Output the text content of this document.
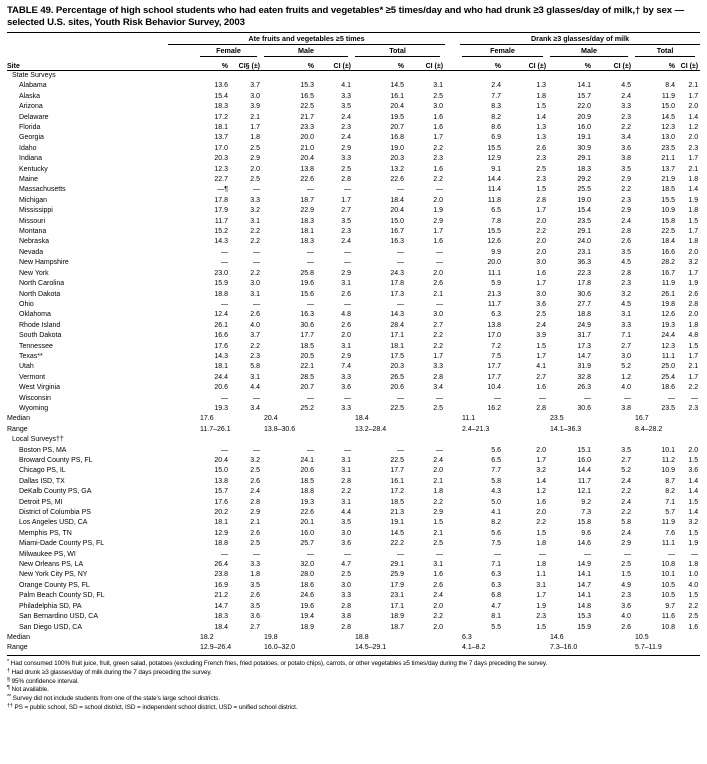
TABLE 49. Percentage of high school students who had eaten fruits and vegetables* ≥5 times/day and who had drunk ≥3 glasses/day of milk,† by sex — selected U.S. sites, Youth Risk Behavior Survey, 2003

	Ate fruits and vegetables ≥5 times							Drank ≥3 glasses/day of milk					

	Female		Male		Total			Female		Male		Total	

Site	%	CI§ (±)	%	CI (±)	%	CI (±)		%	CI (±)	%	CI (±)	%	CI (±)
State Surveys													
Alabama	13.6	3.7	15.3	4.1	14.5	3.1		2.4	1.3	14.1	4.5	8.4	2.1
Alaska	15.4	3.0	16.5	3.3	16.1	2.5		7.7	1.8	15.7	2.4	11.9	1.7
Arizona	18.3	3.9	22.5	3.5	20.4	3.0		8.3	1.5	22.0	3.3	15.0	2.0
Delaware	17.2	2.1	21.7	2.4	19.5	1.6		8.2	1.4	20.9	2.3	14.5	1.4
Florida	18.1	1.7	23.3	2.3	20.7	1.6		8.6	1.3	16.0	2.2	12.3	1.2
Georgia	13.7	1.8	20.0	2.4	16.8	1.7		6.9	1.3	19.1	3.4	13.0	2.0
Idaho	17.0	2.5	21.0	2.9	19.0	2.2		15.5	2.6	30.9	3.6	23.5	2.3
Indiana	20.3	2.9	20.4	3.3	20.3	2.3		12.9	2.3	29.1	3.8	21.1	1.7
Kentucky	12.3	2.0	13.8	2.5	13.2	1.6		9.1	2.5	18.3	3.5	13.7	2.1
Maine	22.7	2.5	22.6	2.8	22.6	2.2		14.4	2.3	29.2	2.9	21.9	1.8
Massachusetts	—¶	—	—	—	—	—		11.4	1.5	25.5	2.2	18.5	1.4
Michigan	17.8	3.3	18.7	1.7	18.4	2.0		11.8	2.8	19.0	2.3	15.5	1.9
Mississippi	17.9	3.2	22.9	2.7	20.4	1.9		6.5	1.7	15.4	2.9	10.9	1.8
Missouri	11.7	3.1	18.3	3.5	15.0	2.9		7.8	2.0	23.5	2.4	15.8	1.5
Montana	15.2	2.2	18.1	2.3	16.7	1.7		15.5	2.2	29.1	2.8	22.5	1.7
Nebraska	14.3	2.2	18.3	2.4	16.3	1.6		12.6	2.0	24.0	2.6	18.4	1.8
Nevada	—	—	—	—	—	—		9.9	2.0	23.1	3.5	16.6	2.0
New Hampshire	—	—	—	—	—	—		20.0	3.0	36.3	4.5	28.2	3.2
New York	23.0	2.2	25.8	2.9	24.3	2.0		11.1	1.6	22.3	2.8	16.7	1.7
North Carolina	15.9	3.0	19.6	3.1	17.8	2.6		5.9	1.7	17.8	2.3	11.9	1.9
North Dakota	18.8	3.1	15.6	2.6	17.3	2.1		21.3	3.0	30.6	3.2	26.1	2.6
Ohio	—	—	—	—	—	—		11.7	3.6	27.7	4.5	19.8	2.8
Oklahoma	12.4	2.6	16.3	4.8	14.3	3.0		6.3	2.5	18.8	3.1	12.6	2.0
Rhode Island	26.1	4.0	30.6	2.6	28.4	2.7		13.8	2.4	24.9	3.3	19.3	1.8
South Dakota	16.6	3.7	17.7	2.0	17.1	2.2		17.0	3.9	31.7	7.1	24.4	4.8
Tennessee	17.6	2.2	18.5	3.1	18.1	2.2		7.2	1.5	17.3	2.7	12.3	1.5
Texas**	14.3	2.3	20.5	2.9	17.5	1.7		7.5	1.7	14.7	3.0	11.1	1.7
Utah	18.1	5.8	22.1	7.4	20.3	3.3		17.7	4.1	31.9	5.2	25.0	2.1
Vermont	24.4	3.1	28.5	3.3	26.5	2.8		17.7	2.7	32.8	1.2	25.4	1.7
West Virginia	20.6	4.4	20.7	3.6	20.6	3.4		10.4	1.6	26.3	4.0	18.6	2.2
Wisconsin	—	—	—	—	—	—		—	—	—	—	—	—
Wyoming	19.3	3.4	25.2	3.3	22.5	2.5		16.2	2.8	30.6	3.8	23.5	2.3
Median	17.6		20.4		18.4			11.1		23.5		16.7	
Range	11.7–26.1		13.8–30.6		13.2–28.4			2.4–21.3		14.1–36.3		8.4–28.2	
Local Surveys††													
Boston PS, MA	—	—	—	—	—	—		5.6	2.0	15.1	3.5	10.1	2.0
Broward County PS, FL	20.4	3.2	24.1	3.1	22.5	2.4		6.5	1.7	16.0	2.7	11.2	1.5
Chicago PS, IL	15.0	2.5	20.6	3.1	17.7	2.0		7.7	3.2	14.4	5.2	10.9	3.6
Dallas ISD, TX	13.8	2.6	18.5	2.8	16.1	2.1		5.8	1.4	11.7	2.4	8.7	1.4
DeKalb County PS, GA	15.7	2.4	18.8	2.2	17.2	1.8		4.3	1.2	12.1	2.2	8.2	1.4
Detroit PS, MI	17.6	2.8	19.3	3.1	18.5	2.2		5.0	1.6	9.2	2.4	7.1	1.5
District of Columbia PS	20.2	2.9	22.6	4.4	21.3	2.9		4.1	2.0	7.3	2.2	5.7	1.4
Los Angeles USD, CA	18.1	2.1	20.1	3.5	19.1	1.5		8.2	2.2	15.8	5.8	11.9	3.2
Memphis PS, TN	12.9	2.6	16.0	3.0	14.5	2.1		5.6	1.5	9.6	2.4	7.6	1.5
Miami-Dade County PS, FL	18.8	2.5	25.7	3.6	22.2	2.5		7.5	1.8	14.6	2.9	11.1	1.9
Milwaukee PS, WI	—	—	—	—	—	—		—	—	—	—	—	—
New Orleans PS, LA	26.4	3.3	32.0	4.7	29.1	3.1		7.1	1.8	14.9	2.5	10.8	1.8
New York City PS, NY	23.8	1.8	28.0	2.5	25.9	1.6		6.3	1.1	14.1	1.5	10.1	1.0
Orange County PS, FL	16.9	3.5	18.6	3.0	17.9	2.6		6.3	3.1	14.7	4.9	10.5	4.0
Palm Beach County SD, FL	21.2	2.6	24.6	3.3	23.1	2.4		6.8	1.7	14.1	2.3	10.5	1.5
Philadelphia SD, PA	14.7	3.5	19.6	2.8	17.1	2.0		4.7	1.9	14.8	3.6	9.7	2.2
San Bernardino USD, CA	18.3	3.6	19.4	3.8	18.9	2.2		8.1	2.3	15.3	4.0	11.6	2.5
San Diego USD, CA	18.4	2.7	18.9	2.8	18.7	2.0		5.5	1.5	15.9	2.6	10.8	1.6
Median	18.2		19.8		18.8			6.3		14.6		10.5	
Range	12.9–26.4		16.0–32.0		14.5–29.1			4.1–8.2		7.3–16.0		5.7–11.9	
* Had consumed 100% fruit juice, fruit, green salad, potatoes (excluding French fries, fried potatoes, or potato chips), carrots, or other vegetables ≥5 times/day during the 7 days preceding the survey.
† Had drunk ≥3 glasses/day of milk during the 7 days preceding the survey.
§ 95% confidence interval.
¶ Not available.
** Survey did not include students from one of the state’s large school districts.
†† PS = public school, SD = school district, ISD = independent school district, USD = unified school district.
